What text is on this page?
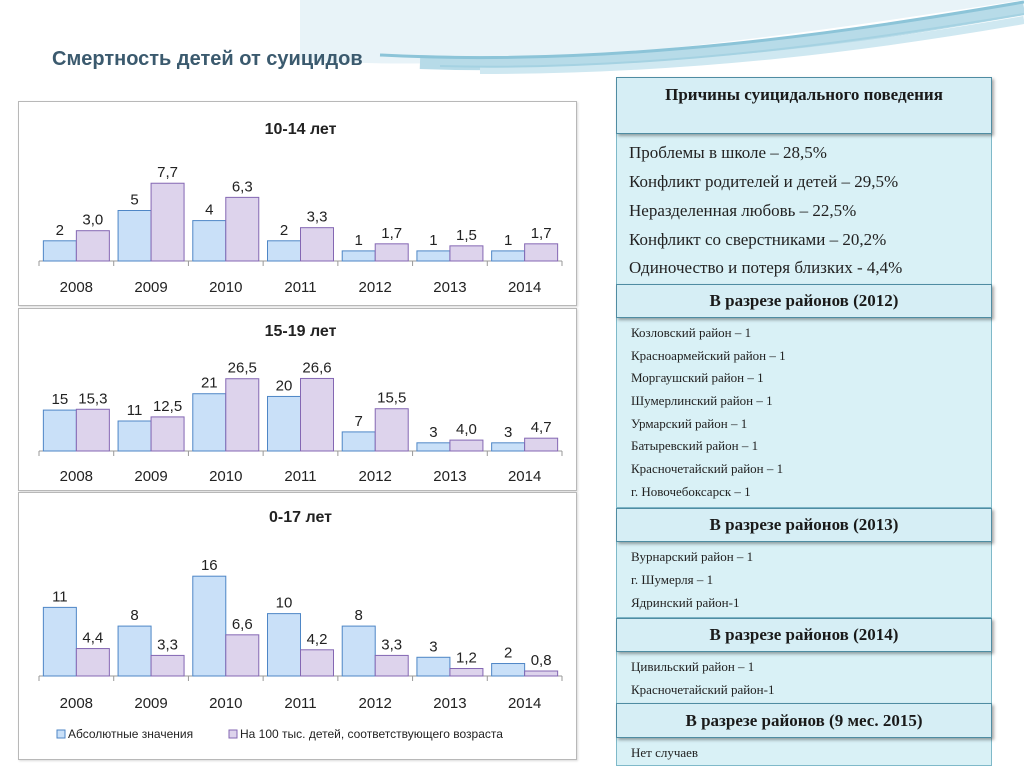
Смертность детей от суицидов
10-14 лет
2
3,0
2008
5
7,7
2009
4
6,3
2010
2
3,3
2011
1 1,7
2012
1 1,5
2013
1 1,7
2014
15-19 лет
15 15,3
2008
11 12,5
2009
21
26,5
2010
20
26,6
2011
7
15,5
2012
3 4,0
2013
3 4,7
2014
0-17 лет
11
4,4
2008
8
3,3
2009
16
6,6
2010
10
4,2
2011
8
3,3
2012
3
1,2
2013
2 0,8
2014
Абсолютные значения	На 100 тыс. детей, соответствующего возраста
Проблемы в школе – 28,5%
Конфликт родителей и детей – 29,5%
Неразделенная любовь – 22,5%
Конфликт со сверстниками – 20,2%
Одиночество и потеря близких - 4,4%
Причины суицидального поведения
Козловский район – 1
Красноармейский район – 1
Моргаушский район – 1
Шумерлинский район – 1
Урмарский район – 1
Батыревский район – 1
Красночетайский район – 1
г. Новочебоксарск – 1
В разрезе районов (2012)
Вурнарский район – 1
г. Шумерля – 1
Ядринский район-1
В разрезе районов (2013)
Цивильский район – 1
Красночетайский район-1
В разрезе районов (2014)
Нет случаев
В разрезе районов (9 мес. 2015)
